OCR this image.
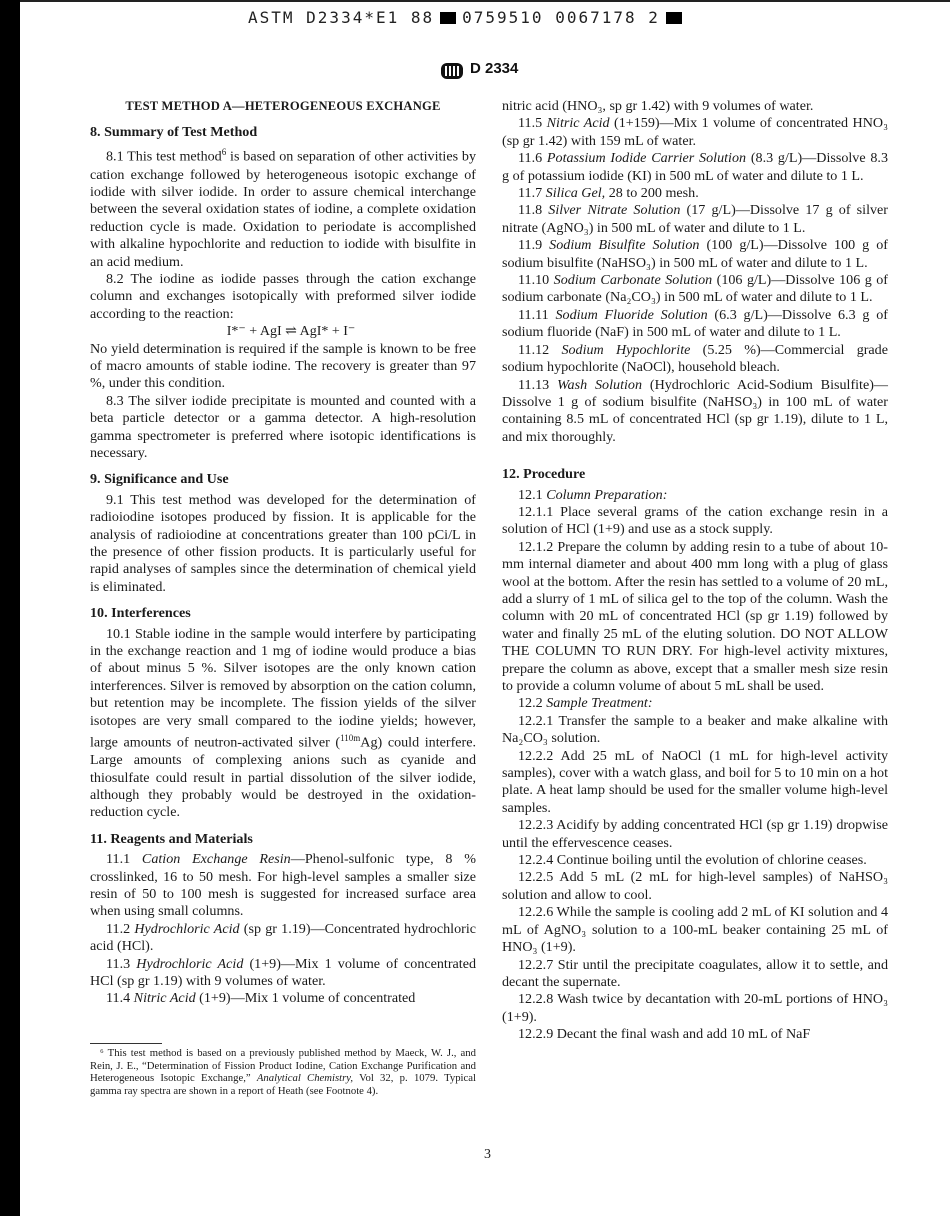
ASTM D2334*E1 88 0759510 0067178 2
D 2334
TEST METHOD A—HETEROGENEOUS EXCHANGE
8. Summary of Test Method

8.1 This test method$^6$ is based on separation of other activities by cation exchange followed by heterogeneous isotopic exchange of iodide with silver iodide. In order to assure chemical interchange between the several oxidation states of iodine, a complete oxidation reduction cycle is made. Oxidation to periodate is accomplished with alkaline hypochlorite and reduction to iodide with bisulfite in an acid medium.

8.2 The iodine as iodide passes through the cation exchange column and exchanges isotopically with preformed silver iodide according to the reaction:

I*⁻ + AgI ⇌ AgI* + I⁻

No yield determination is required if the sample is known to be free of macro amounts of stable iodine. The recovery is greater than 97 %, under this condition.

8.3 The silver iodide precipitate is mounted and counted with a beta particle detector or a gamma detector. A high-resolution gamma spectrometer is preferred where isotopic identifications is necessary.

9. Significance and Use

9.1 This test method was developed for the determination of radioiodine isotopes produced by fission. It is applicable for the analysis of radioiodine at concentrations greater than 100 pCi/L in the presence of other fission products. It is particularly useful for rapid analyses of samples since the determination of chemical yield is eliminated.

10. Interferences

10.1 Stable iodine in the sample would interfere by participating in the exchange reaction and 1 mg of iodine would produce a bias of about minus 5 %. Silver isotopes are the only known cation interferences. Silver is removed by absorption on the cation column, but retention may be incomplete. The fission yields of the silver isotopes are very small compared to the iodine yields; however, large amounts of neutron-activated silver ($^{110m}$Ag) could interfere. Large amounts of complexing anions such as cyanide and thiosulfate could result in partial dissolution of the silver iodide, although they probably would be destroyed in the oxidation-reduction cycle.

11. Reagents and Materials

11.1 Cation Exchange Resin—Phenol-sulfonic type, 8 % crosslinked, 16 to 50 mesh. For high-level samples a smaller size resin of 50 to 100 mesh is suggested for increased surface area when using small columns.

11.2 Hydrochloric Acid (sp gr 1.19)—Concentrated hydrochloric acid (HCl).

11.3 Hydrochloric Acid (1+9)—Mix 1 volume of concentrated HCl (sp gr 1.19) with 9 volumes of water.

11.4 Nitric Acid (1+9)—Mix 1 volume of concentrated

⁶ This test method is based on a previously published method by Maeck, W. J., and Rein, J. E., “Determination of Fission Product Iodine, Cation Exchange Purification and Heterogeneous Isotopic Exchange,” Analytical Chemistry, Vol 32, p. 1079. Typical gamma ray spectra are shown in a report of Heath (see Footnote 4).

nitric acid (HNO₃, sp gr 1.42) with 9 volumes of water.

11.5 Nitric Acid (1+159)—Mix 1 volume of concentrated HNO₃ (sp gr 1.42) with 159 mL of water.

11.6 Potassium Iodide Carrier Solution (8.3 g/L)—Dissolve 8.3 g of potassium iodide (KI) in 500 mL of water and dilute to 1 L.

11.7 Silica Gel, 28 to 200 mesh.

11.8 Silver Nitrate Solution (17 g/L)—Dissolve 17 g of silver nitrate (AgNO₃) in 500 mL of water and dilute to 1 L.

11.9 Sodium Bisulfite Solution (100 g/L)—Dissolve 100 g of sodium bisulfite (NaHSO₃) in 500 mL of water and dilute to 1 L.

11.10 Sodium Carbonate Solution (106 g/L)—Dissolve 106 g of sodium carbonate (Na₂CO₃) in 500 mL of water and dilute to 1 L.

11.11 Sodium Fluoride Solution (6.3 g/L)—Dissolve 6.3 g of sodium fluoride (NaF) in 500 mL of water and dilute to 1 L.

11.12 Sodium Hypochlorite (5.25 %)—Commercial grade sodium hypochlorite (NaOCl), household bleach.

11.13 Wash Solution (Hydrochloric Acid-Sodium Bisulfite)—Dissolve 1 g of sodium bisulfite (NaHSO₃) in 100 mL of water containing 8.5 mL of concentrated HCl (sp gr 1.19), dilute to 1 L, and mix thoroughly.

12. Procedure

12.1 Column Preparation:

12.1.1 Place several grams of the cation exchange resin in a solution of HCl (1+9) and use as a stock supply.

12.1.2 Prepare the column by adding resin to a tube of about 10-mm internal diameter and about 400 mm long with a plug of glass wool at the bottom. After the resin has settled to a volume of 20 mL, add a slurry of 1 mL of silica gel to the top of the column. Wash the column with 20 mL of concentrated HCl (sp gr 1.19) followed by water and finally 25 mL of the eluting solution. DO NOT ALLOW THE COLUMN TO RUN DRY. For high-level activity mixtures, prepare the column as above, except that a smaller mesh size resin to provide a column volume of about 5 mL shall be used.

12.2 Sample Treatment:

12.2.1 Transfer the sample to a beaker and make alkaline with Na₂CO₃ solution.

12.2.2 Add 25 mL of NaOCl (1 mL for high-level activity samples), cover with a watch glass, and boil for 5 to 10 min on a hot plate. A heat lamp should be used for the smaller volume high-level samples.

12.2.3 Acidify by adding concentrated HCl (sp gr 1.19) dropwise until the effervescence ceases.

12.2.4 Continue boiling until the evolution of chlorine ceases.

12.2.5 Add 5 mL (2 mL for high-level samples) of NaHSO₃ solution and allow to cool.

12.2.6 While the sample is cooling add 2 mL of KI solution and 4 mL of AgNO₃ solution to a 100-mL beaker containing 25 mL of HNO₃ (1+9).

12.2.7 Stir until the precipitate coagulates, allow it to settle, and decant the supernate.

12.2.8 Wash twice by decantation with 20-mL portions of HNO₃ (1+9).

12.2.9 Decant the final wash and add 10 mL of NaF

3
